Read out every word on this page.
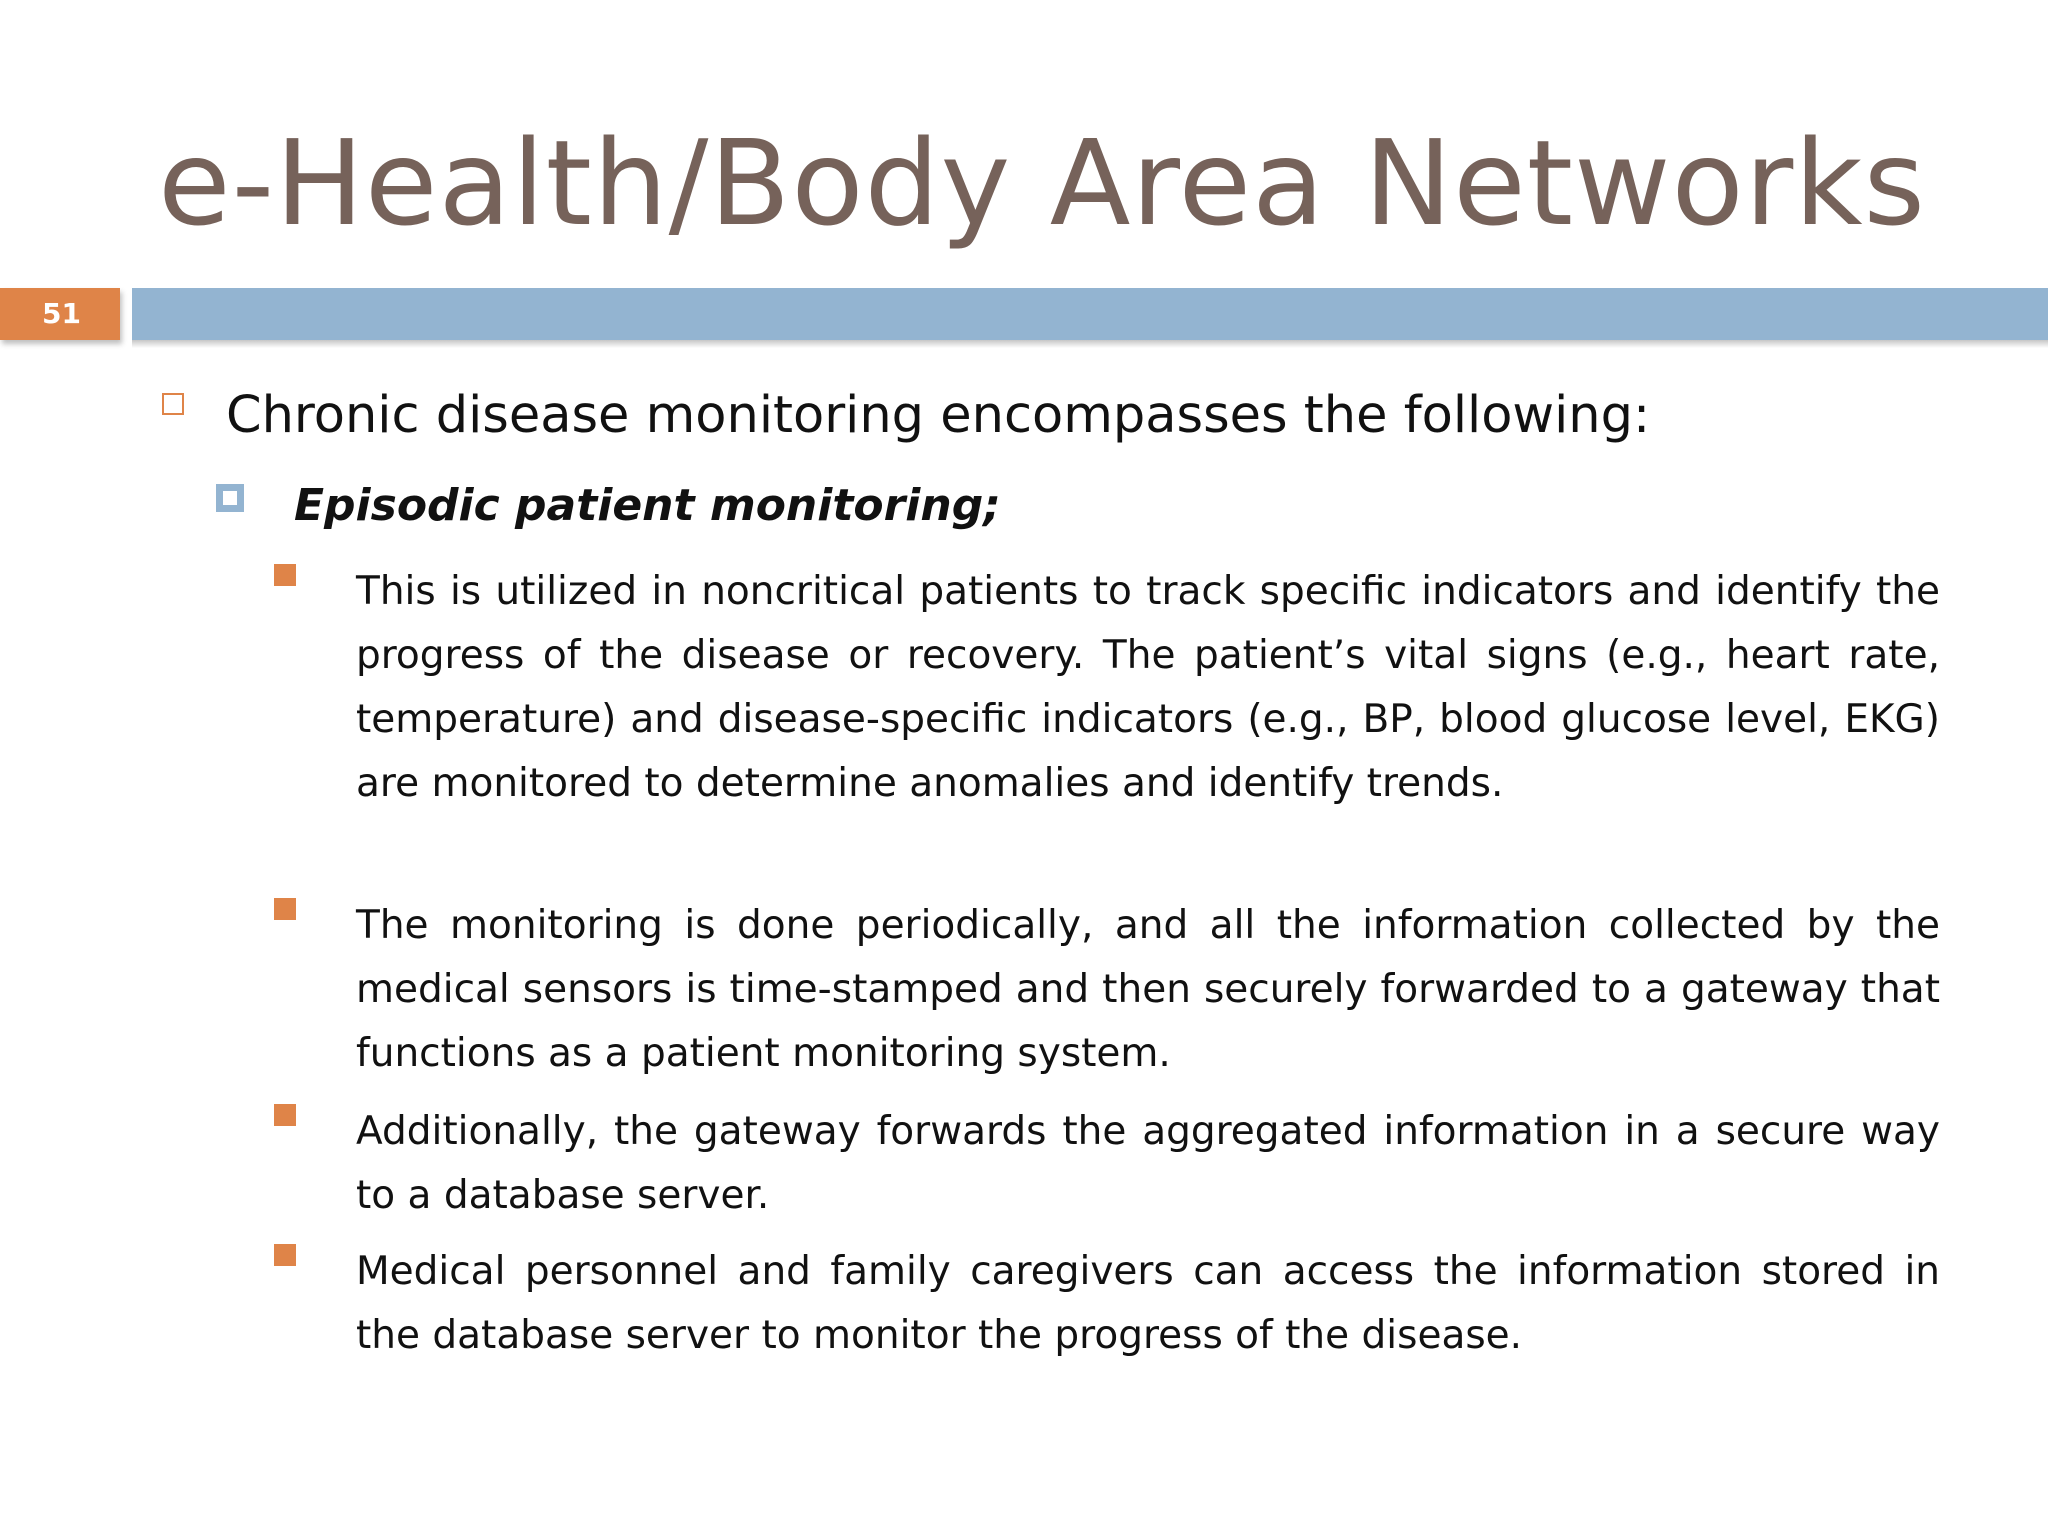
e-Health/Body Area Networks
51
Chronic disease monitoring encompasses the following:
Episodic patient monitoring;
This is utilized in noncritical patients to track specific indicators and identify the progress of the disease or recovery. The patient’s vital signs (e.g., heart rate, temperature) and disease-specific indicators (e.g., BP, blood glucose level, EKG) are monitored to determine anomalies and identify trends.
The monitoring is done periodically, and all the information collected by the medical sensors is time-stamped and then securely forwarded to a gateway that functions as a patient monitoring system.
Additionally, the gateway forwards the aggregated information in a secure way to a database server.
Medical personnel and family caregivers can access the information stored in the database server to monitor the progress of the disease.
